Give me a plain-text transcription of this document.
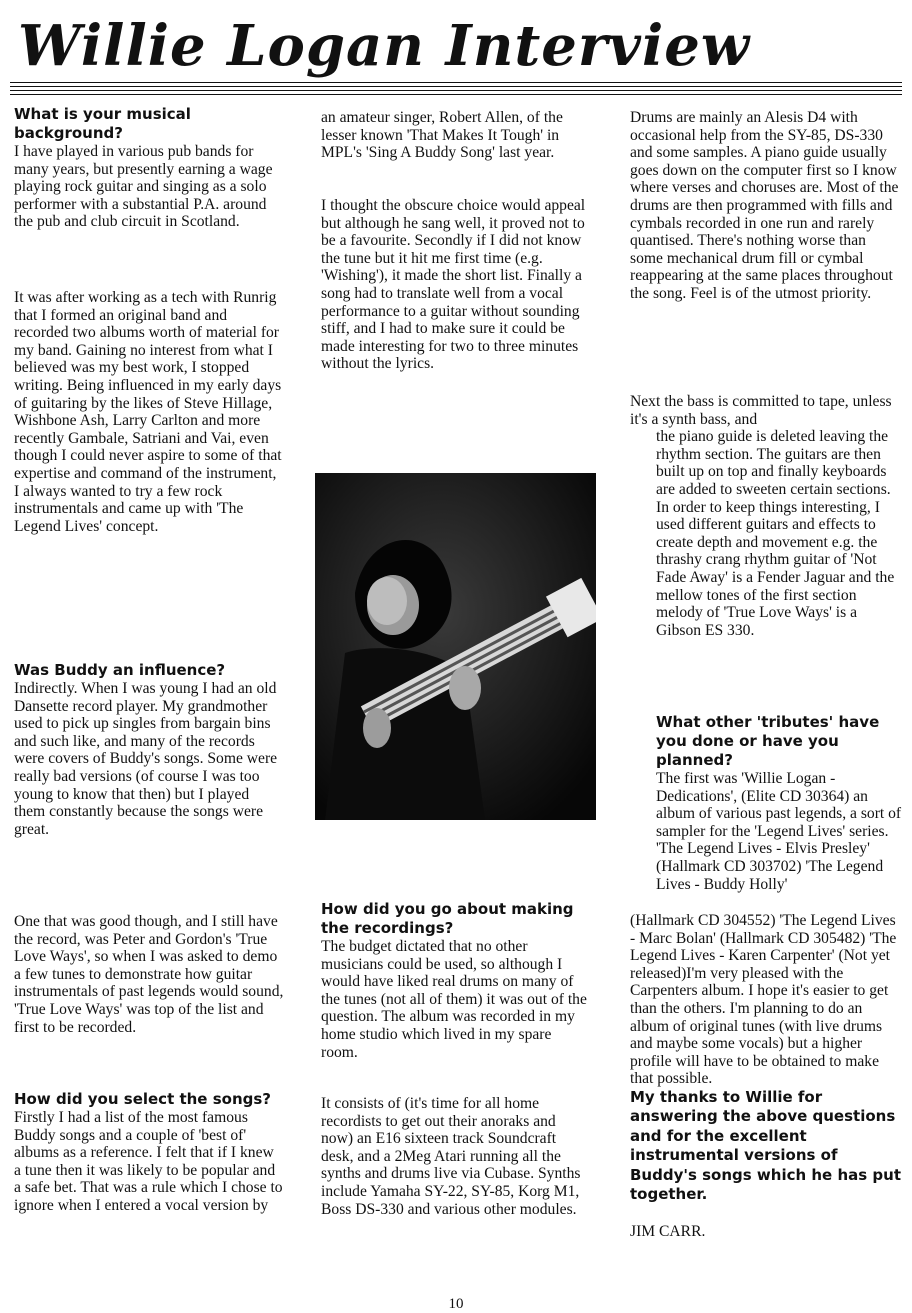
Willie Logan Interview
What is your musical background?

I have played in various pub bands for many years, but presently earning a wage playing rock guitar and singing as a solo performer with a substantial P.A. around the pub and club circuit in Scotland.

It was after working as a tech with Runrig that I formed an original band and recorded two albums worth of material for my band. Gaining no interest from what I believed was my best work, I stopped writing. Being influenced in my early days of guitaring by the likes of Steve Hillage, Wishbone Ash, Larry Carlton and more recently Gambale, Satriani and Vai, even though I could never aspire to some of that expertise and command of the instrument, I always wanted to try a few rock instrumentals and came up with 'The Legend Lives' concept.

Was Buddy an influence?

Indirectly. When I was young I had an old Dansette record player. My grandmother used to pick up singles from bargain bins and such like, and many of the records were covers of Buddy's songs. Some were really bad versions (of course I was too young to know that then) but I played them constantly because the songs were great.

One that was good though, and I still have the record, was Peter and Gordon's 'True Love Ways', so when I was asked to demo a few tunes to demonstrate how guitar instrumentals of past legends would sound, 'True Love Ways' was top of the list and first to be recorded.

How did you select the songs?

Firstly I had a list of the most famous Buddy songs and a couple of 'best of' albums as a reference. I felt that if I knew a tune then it was likely to be popular and a safe bet. That was a rule which I chose to ignore when I entered a vocal version by

an amateur singer, Robert Allen, of the lesser known 'That Makes It Tough' in MPL's 'Sing A Buddy Song' last year.

I thought the obscure choice would appeal but although he sang well, it proved not to be a favourite. Secondly if I did not know the tune but it hit me first time (e.g. 'Wishing'), it made the short list. Finally a song had to translate well from a vocal performance to a guitar without sounding stiff, and I had to make sure it could be made interesting for two to three minutes without the lyrics.

How did you go about making the recordings?

The budget dictated that no other musicians could be used, so although I would have liked real drums on many of the tunes (not all of them) it was out of the question. The album was recorded in my home studio which lived in my spare room.

It consists of (it's time for all home recordists to get out their anoraks and now) an E16 sixteen track Soundcraft desk, and a 2Meg Atari running all the synths and drums live via Cubase. Synths include Yamaha SY-22, SY-85, Korg M1, Boss DS-330 and various other modules.

Drums are mainly an Alesis D4 with occasional help from the SY-85, DS-330 and some samples. A piano guide usually goes down on the computer first so I know where verses and choruses are. Most of the drums are then programmed with fills and cymbals recorded in one run and rarely quantised. There's nothing worse than some mechanical drum fill or cymbal reappearing at the same places throughout the song. Feel is of the utmost priority.

Next the bass is committed to tape, unless it's a synth bass, and

the piano guide is deleted leaving the rhythm section. The guitars are then built up on top and finally keyboards are added to sweeten certain sections. In order to keep things interesting, I used different guitars and effects to create depth and movement e.g. the thrashy crang rhythm guitar of 'Not Fade Away' is a Fender Jaguar and the mellow tones of the first section melody of 'True Love Ways' is a Gibson ES 330.

What other 'tributes' have you done or have you planned?

The first was 'Willie Logan - Dedications', (Elite CD 30364) an album of various past legends, a sort of sampler for the 'Legend Lives' series. 'The Legend Lives - Elvis Presley' (Hallmark CD 303702) 'The Legend Lives - Buddy Holly'

(Hallmark CD 304552) 'The Legend Lives - Marc Bolan' (Hallmark CD 305482) 'The Legend Lives - Karen Carpenter' (Not yet released)I'm very pleased with the Carpenters album. I hope it's easier to get than the others. I'm planning to do an album of original tunes (with live drums and maybe some vocals) but a higher profile will have to be obtained to make that possible.

My thanks to Willie for answering the above questions and for the excellent instrumental versions of Buddy's songs which he has put together.

JIM CARR.

10
